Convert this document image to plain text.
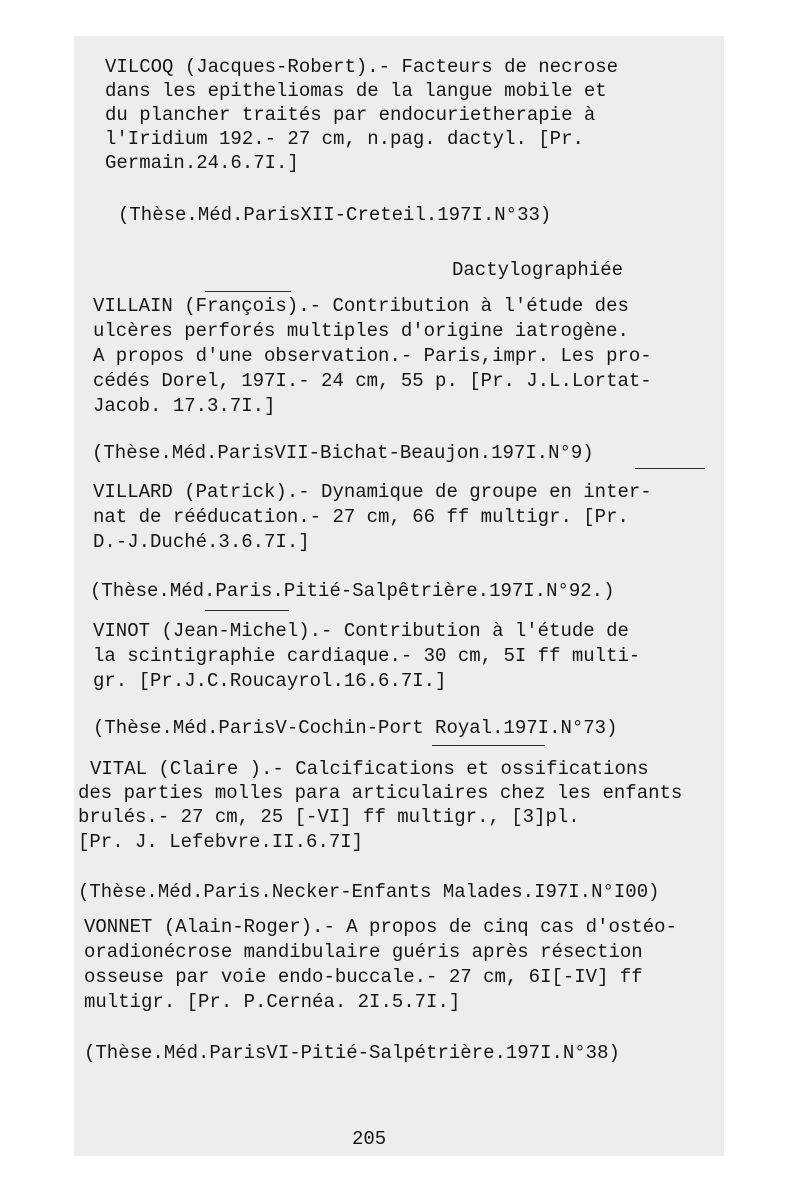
VILCOQ (Jacques-Robert).- Facteurs de necrose

dans les epitheliomas de la langue mobile et

du plancher traités par endocurietherapie à

l'Iridium 192.- 27 cm, n.pag. dactyl. [Pr.

Germain.24.6.7I.]

(Thèse.Méd.ParisXII-Creteil.197I.N°33)

Dactylographiée

VILLAIN (François).- Contribution à l'étude des

ulcères perforés multiples d'origine iatrogène.

A propos d'une observation.- Paris,impr. Les pro-

cédés Dorel, 197I.- 24 cm, 55 p. [Pr. J.L.Lortat-

Jacob. 17.3.7I.]

(Thèse.Méd.ParisVII-Bichat-Beaujon.197I.N°9)

VILLARD (Patrick).- Dynamique de groupe en inter-

nat de rééducation.- 27 cm, 66 ff multigr. [Pr.

D.-J.Duché.3.6.7I.]

(Thèse.Méd.Paris.Pitié-Salpêtrière.197I.N°92.)

VINOT (Jean-Michel).- Contribution à l'étude de

la scintigraphie cardiaque.- 30 cm, 5I ff multi-

gr. [Pr.J.C.Roucayrol.16.6.7I.]

(Thèse.Méd.ParisV-Cochin-Port Royal.197I.N°73)

VITAL (Claire ).- Calcifications et ossifications

des parties molles para articulaires chez les enfants

brulés.- 27 cm, 25 [-VI] ff multigr., [3]pl.

[Pr. J. Lefebvre.II.6.7I]

(Thèse.Méd.Paris.Necker-Enfants Malades.I97I.N°I00)

VONNET (Alain-Roger).- A propos de cinq cas d'ostéo-

oradionécrose mandibulaire guéris après résection

osseuse par voie endo-buccale.- 27 cm, 6I[-IV] ff

multigr. [Pr. P.Cernéa. 2I.5.7I.]

(Thèse.Méd.ParisVI-Pitié-Salpétrière.197I.N°38)

205
